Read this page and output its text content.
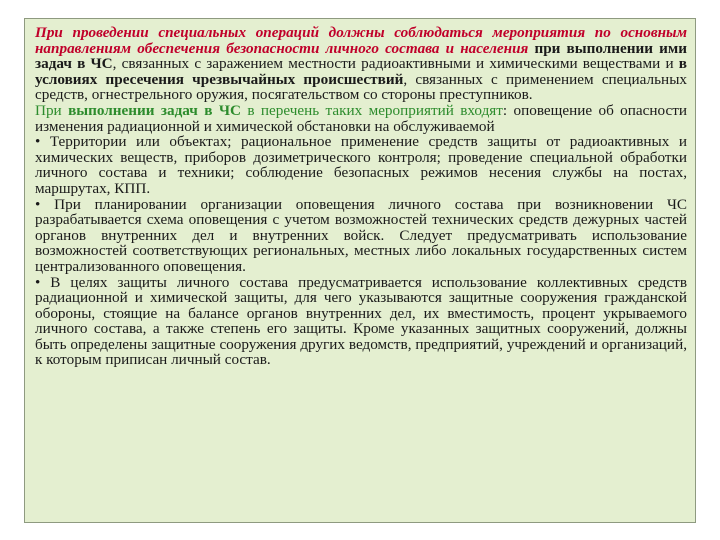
При проведении специальных операций должны соблюдаться мероприятия по основным направлениям обеспечения безопасности личного состава и населения при выполнении ими задач в ЧС, связанных с заражением местности радиоактивными и химическими веществами и в условиях пресечения чрезвычайных происшествий, связанных с применением специальных средств, огнестрельного оружия, посягательством со стороны преступников.

При выполнении задач в ЧС в перечень таких мероприятий входят: оповещение об опасности изменения радиационной и химической обстановки на обслуживаемой

• Территории или объектах; рациональное применение средств защиты от радиоактивных и химических веществ, приборов дозиметрического контроля; проведение специальной обработки личного состава и техники; соблюдение безопасных режимов несения службы на постах, маршрутах, КПП.

• При планировании организации оповещения личного состава при возникновении ЧС разрабатывается схема оповещения с учетом возможностей технических средств дежурных частей органов внутренних дел и внутренних войск. Следует предусматривать использование возможностей соответствующих региональных, местных либо локальных государственных систем централизованного оповещения.

• В целях защиты личного состава предусматривается использование коллективных средств радиационной и химической защиты, для чего указываются защитные сооружения гражданской обороны, стоящие на балансе органов внутренних дел, их вместимость, процент укрываемого личного состава, а также степень его защиты. Кроме указанных защитных сооружений, должны быть определены защитные сооружения других ведомств, предприятий, учреждений и организаций, к которым приписан личный состав.
